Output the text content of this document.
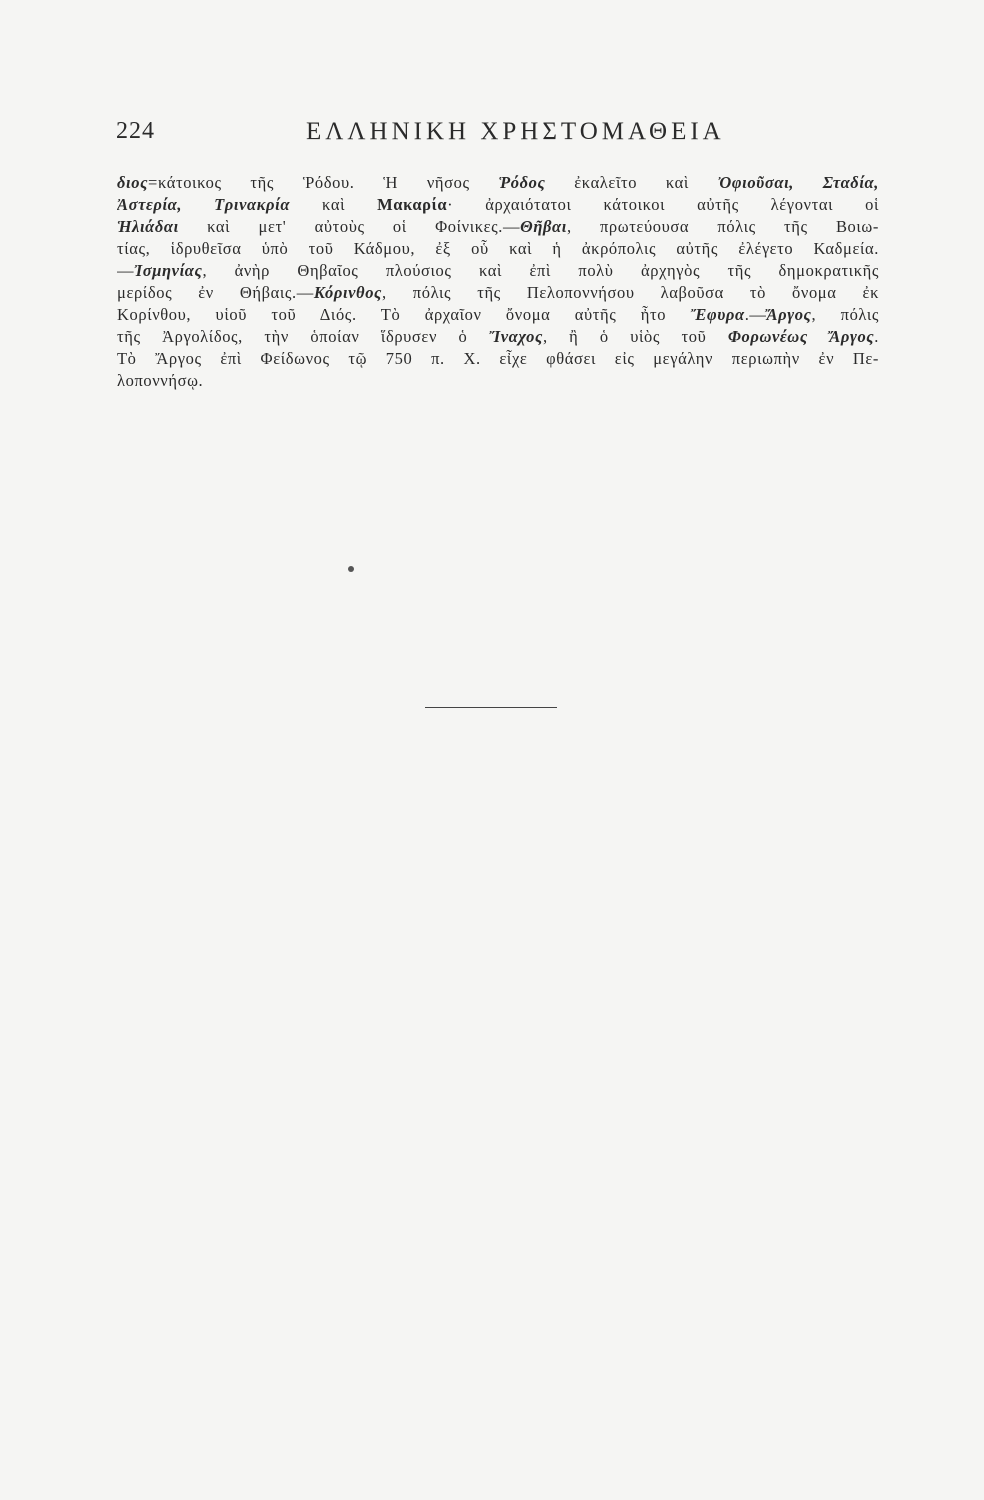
224	ΕΛΛΗΝΙΚΗ ΧΡΗΣΤΟΜΑΘΕΙΑ
διος=κάτοικος τῆς Ῥόδου. Ἡ νῆσος Ῥόδος ἐκαλεῖτο καὶ Ὀφιοῦσαι, Σταδία,
Ἀστερία, Τρινακρία καὶ Μακαρία· ἀρχαιότατοι κάτοικοι αὐτῆς λέγονται οἱ
Ἡλιάδαι καὶ μετ' αὐτοὺς οἱ Φοίνικες.—Θῆβαι, πρωτεύουσα πόλις τῆς Βοιω-
τίας, ἱδρυθεῖσα ὑπὸ τοῦ Κάδμου, ἐξ οὗ καὶ ἡ ἀκρόπολις αὐτῆς ἐλέγετο Καδμεία.
—Ἰσμηνίας, ἀνὴρ Θηβαῖος πλούσιος καὶ ἐπὶ πολὺ ἀρχηγὸς τῆς δημοκρατικῆς
μερίδος ἐν Θήβαις.—Κόρινθος, πόλις τῆς Πελοποννήσου λαβοῦσα τὸ ὄνομα ἐκ
Κορίνθου, υἱοῦ τοῦ Διός. Τὸ ἀρχαῖον ὄνομα αὐτῆς ἦτο Ἔφυρα.—Ἄργος, πόλις
τῆς Ἀργολίδος, τὴν ὁποίαν ἵδρυσεν ὁ Ἴναχος, ἢ ὁ υἱὸς τοῦ Φορωνέως Ἄργος.
Τὸ Ἄργος ἐπὶ Φείδωνος τῷ 750 π. Χ. εἶχε φθάσει εἰς μεγάλην περιωπὴν ἐν Πε-
λοποννήσῳ.
